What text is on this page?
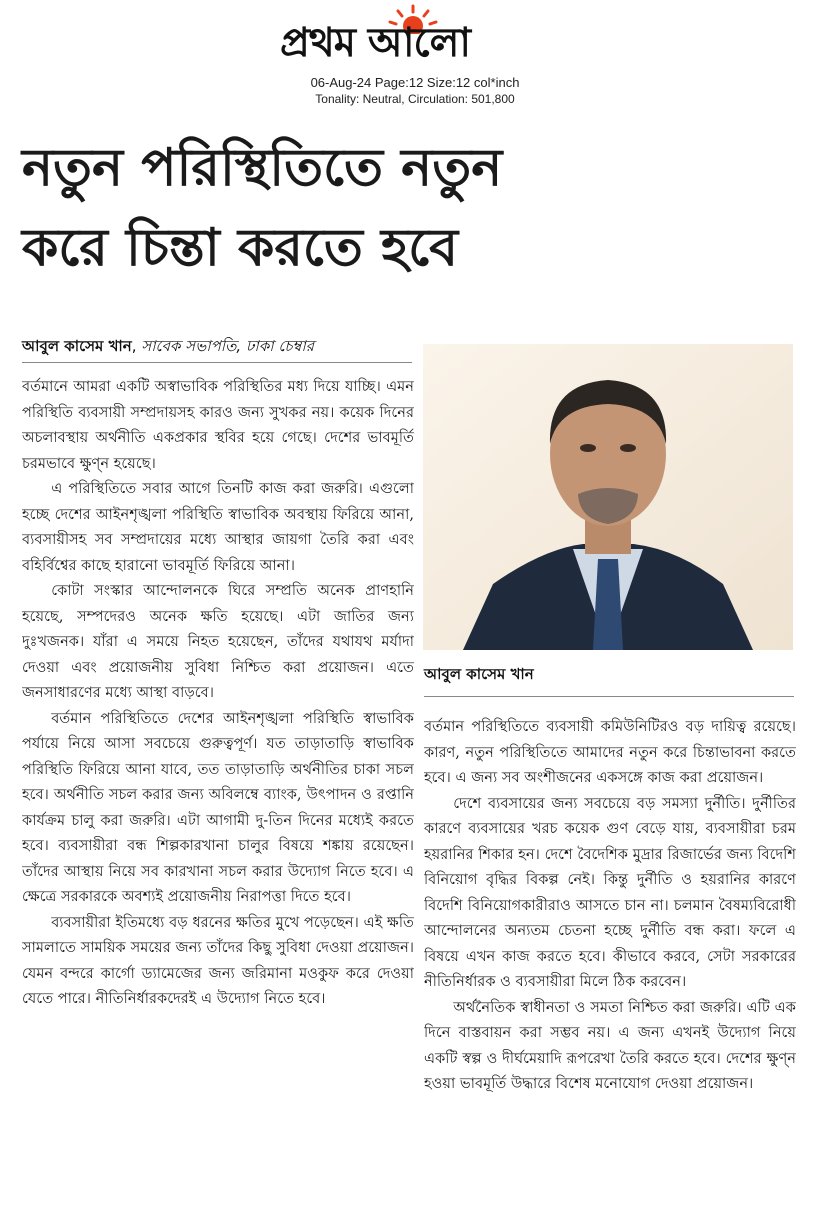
প্রথম আলো
06-Aug-24 Page:12 Size:12 col*inch
Tonality: Neutral, Circulation: 501,800
নতুন পরিস্থিতিতে নতুন
করে চিন্তা করতে হবে
আবুল কাসেম খান, সাবেক সভাপতি, ঢাকা চেম্বার

বর্তমানে আমরা একটি অস্বাভাবিক পরিস্থিতির মধ্য দিয়ে যাচ্ছি। এমন পরিস্থিতি ব্যবসায়ী সম্প্রদায়সহ কারও জন্য সুখকর নয়। কয়েক দিনের অচলাবস্থায় অর্থনীতি একপ্রকার স্থবির হয়ে গেছে। দেশের ভাবমূর্তি চরমভাবে ক্ষুণ্ন হয়েছে।

এ পরিস্থিতিতে সবার আগে তিনটি কাজ করা জরুরি। এগুলো হচ্ছে দেশের আইনশৃঙ্খলা পরিস্থিতি স্বাভাবিক অবস্থায় ফিরিয়ে আনা, ব্যবসায়ীসহ সব সম্প্রদায়ের মধ্যে আস্থার জায়গা তৈরি করা এবং বহির্বিশ্বের কাছে হারানো ভাবমূর্তি ফিরিয়ে আনা।

কোটা সংস্কার আন্দোলনকে ঘিরে সম্প্রতি অনেক প্রাণহানি হয়েছে, সম্পদেরও অনেক ক্ষতি হয়েছে। এটা জাতির জন্য দুঃখজনক। যাঁরা এ সময়ে নিহত হয়েছেন, তাঁদের যথাযথ মর্যাদা দেওয়া এবং প্রয়োজনীয় সুবিধা নিশ্চিত করা প্রয়োজন। এতে জনসাধারণের মধ্যে আস্থা বাড়বে।

বর্তমান পরিস্থিতিতে দেশের আইনশৃঙ্খলা পরিস্থিতি স্বাভাবিক পর্যায়ে নিয়ে আসা সবচেয়ে গুরুত্বপূর্ণ। যত তাড়াতাড়ি স্বাভাবিক পরিস্থিতি ফিরিয়ে আনা যাবে, তত তাড়াতাড়ি অর্থনীতির চাকা সচল হবে। অর্থনীতি সচল করার জন্য অবিলম্বে ব্যাংক, উৎপাদন ও রপ্তানি কার্যক্রম চালু করা জরুরি। এটা আগামী দু-তিন দিনের মধ্যেই করতে হবে। ব্যবসায়ীরা বন্ধ শিল্পকারখানা চালুর বিষয়ে শঙ্কায় রয়েছেন। তাঁদের আস্থায় নিয়ে সব কারখানা সচল করার উদ্যোগ নিতে হবে। এ ক্ষেত্রে সরকারকে অবশ্যই প্রয়োজনীয় নিরাপত্তা দিতে হবে।

ব্যবসায়ীরা ইতিমধ্যে বড় ধরনের ক্ষতির মুখে পড়েছেন। এই ক্ষতি সামলাতে সাময়িক সময়ের জন্য তাঁদের কিছু সুবিধা দেওয়া প্রয়োজন। যেমন বন্দরে কার্গো ড্যামেজের জন্য জরিমানা মওকুফ করে দেওয়া যেতে পারে। নীতিনির্ধারকদেরই এ উদ্যোগ নিতে হবে।

আবুল কাসেম খান

বর্তমান পরিস্থিতিতে ব্যবসায়ী কমিউনিটিরও বড় দায়িত্ব রয়েছে। কারণ, নতুন পরিস্থিতিতে আমাদের নতুন করে চিন্তাভাবনা করতে হবে। এ জন্য সব অংশীজনের একসঙ্গে কাজ করা প্রয়োজন।

দেশে ব্যবসায়ের জন্য সবচেয়ে বড় সমস্যা দুর্নীতি। দুর্নীতির কারণে ব্যবসায়ের খরচ কয়েক গুণ বেড়ে যায়, ব্যবসায়ীরা চরম হয়রানির শিকার হন। দেশে বৈদেশিক মুদ্রার রিজার্ভের জন্য বিদেশি বিনিয়োগ বৃদ্ধির বিকল্প নেই। কিন্তু দুর্নীতি ও হয়রানির কারণে বিদেশি বিনিয়োগকারীরাও আসতে চান না। চলমান বৈষম্যবিরোধী আন্দোলনের অন্যতম চেতনা হচ্ছে দুর্নীতি বন্ধ করা। ফলে এ বিষয়ে এখন কাজ করতে হবে। কীভাবে করবে, সেটা সরকারের নীতিনির্ধারক ও ব্যবসায়ীরা মিলে ঠিক করবেন।

অর্থনৈতিক স্বাধীনতা ও সমতা নিশ্চিত করা জরুরি। এটি এক দিনে বাস্তবায়ন করা সম্ভব নয়। এ জন্য এখনই উদ্যোগ নিয়ে একটি স্বল্প ও দীর্ঘমেয়াদি রূপরেখা তৈরি করতে হবে। দেশের ক্ষুণ্ন হওয়া ভাবমূর্তি উদ্ধারে বিশেষ মনোযোগ দেওয়া প্রয়োজন।
